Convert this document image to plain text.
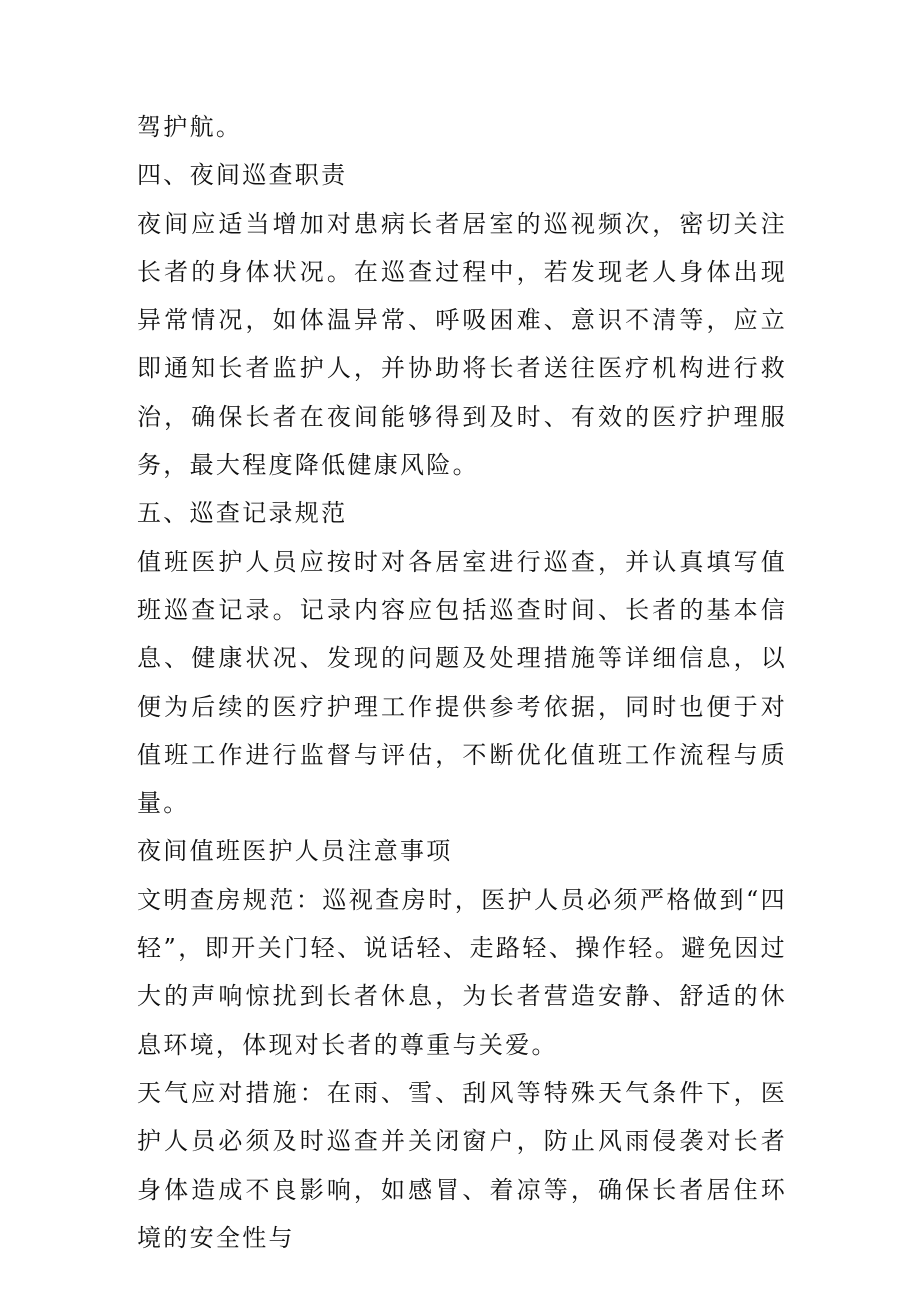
驾护航。

四、夜间巡查职责

夜间应适当增加对患病长者居室的巡视频次，密切关注长者的身体状况。在巡查过程中，若发现老人身体出现异常情况，如体温异常、呼吸困难、意识不清等，应立即通知长者监护人，并协助将长者送往医疗机构进行救治，确保长者在夜间能够得到及时、有效的医疗护理服务，最大程度降低健康风险。

五、巡查记录规范

值班医护人员应按时对各居室进行巡查，并认真填写值班巡查记录。记录内容应包括巡查时间、长者的基本信息、健康状况、发现的问题及处理措施等详细信息，以便为后续的医疗护理工作提供参考依据，同时也便于对值班工作进行监督与评估，不断优化值班工作流程与质量。

夜间值班医护人员注意事项

文明查房规范：巡视查房时，医护人员必须严格做到“四轻”，即开关门轻、说话轻、走路轻、操作轻。避免因过大的声响惊扰到长者休息，为长者营造安静、舒适的休息环境，体现对长者的尊重与关爱。

天气应对措施：在雨、雪、刮风等特殊天气条件下，医护人员必须及时巡查并关闭窗户，防止风雨侵袭对长者身体造成不良影响，如感冒、着凉等，确保长者居住环境的安全性与
